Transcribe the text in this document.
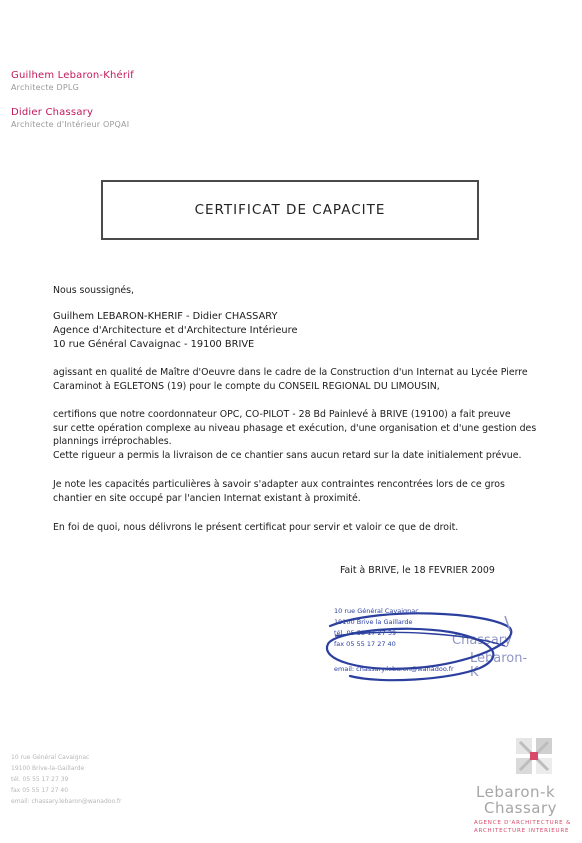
Guilhem Lebaron-Khérif
Architecte DPLG
Didier Chassary
Architecte d'Intérieur OPQAI
CERTIFICAT DE CAPACITE
Nous soussignés,
Guilhem LEBARON-KHERIF - Didier CHASSARY
Agence d'Architecture et d'Architecture Intérieure
10 rue Général Cavaignac - 19100 BRIVE
agissant en qualité de Maître d'Oeuvre dans le cadre de la Construction d'un Internat au Lycée Pierre
Caraminot à EGLETONS (19) pour le compte du CONSEIL REGIONAL DU LIMOUSIN,
certifions que notre coordonnateur OPC, CO-PILOT - 28 Bd Painlevé à BRIVE (19100) a fait preuve
sur cette opération complexe au niveau phasage et exécution, d'une organisation et d'une gestion des
plannings irréprochables.
Cette rigueur a permis la livraison de ce chantier sans aucun retard sur la date initialement prévue.
Je note les capacités particulières à savoir s'adapter aux contraintes rencontrées lors de ce gros
chantier en site occupé par l'ancien Internat existant à proximité.
En foi de quoi, nous délivrons le présent certificat pour servir et valoir ce que de droit.
Fait à BRIVE, le 18 FEVRIER 2009
10 rue Général Cavaignac
19100 Brive la Gaillarde
tél. 05 55 17 27 39
fax 05 55 17 27 40
email: chassary.lebaron@wanadoo.fr
Chassary
Lebaron-K
10 rue Général Cavaignac
19100 Brive-la-Gaillarde
tél. 05 55 17 27 39
fax 05 55 17 27 40
email: chassary.lebaron@wanadoo.fr
Lebaron-k
Chassary
AGENCE D'ARCHITECTURE &
ARCHITECTURE INTERIEURE
